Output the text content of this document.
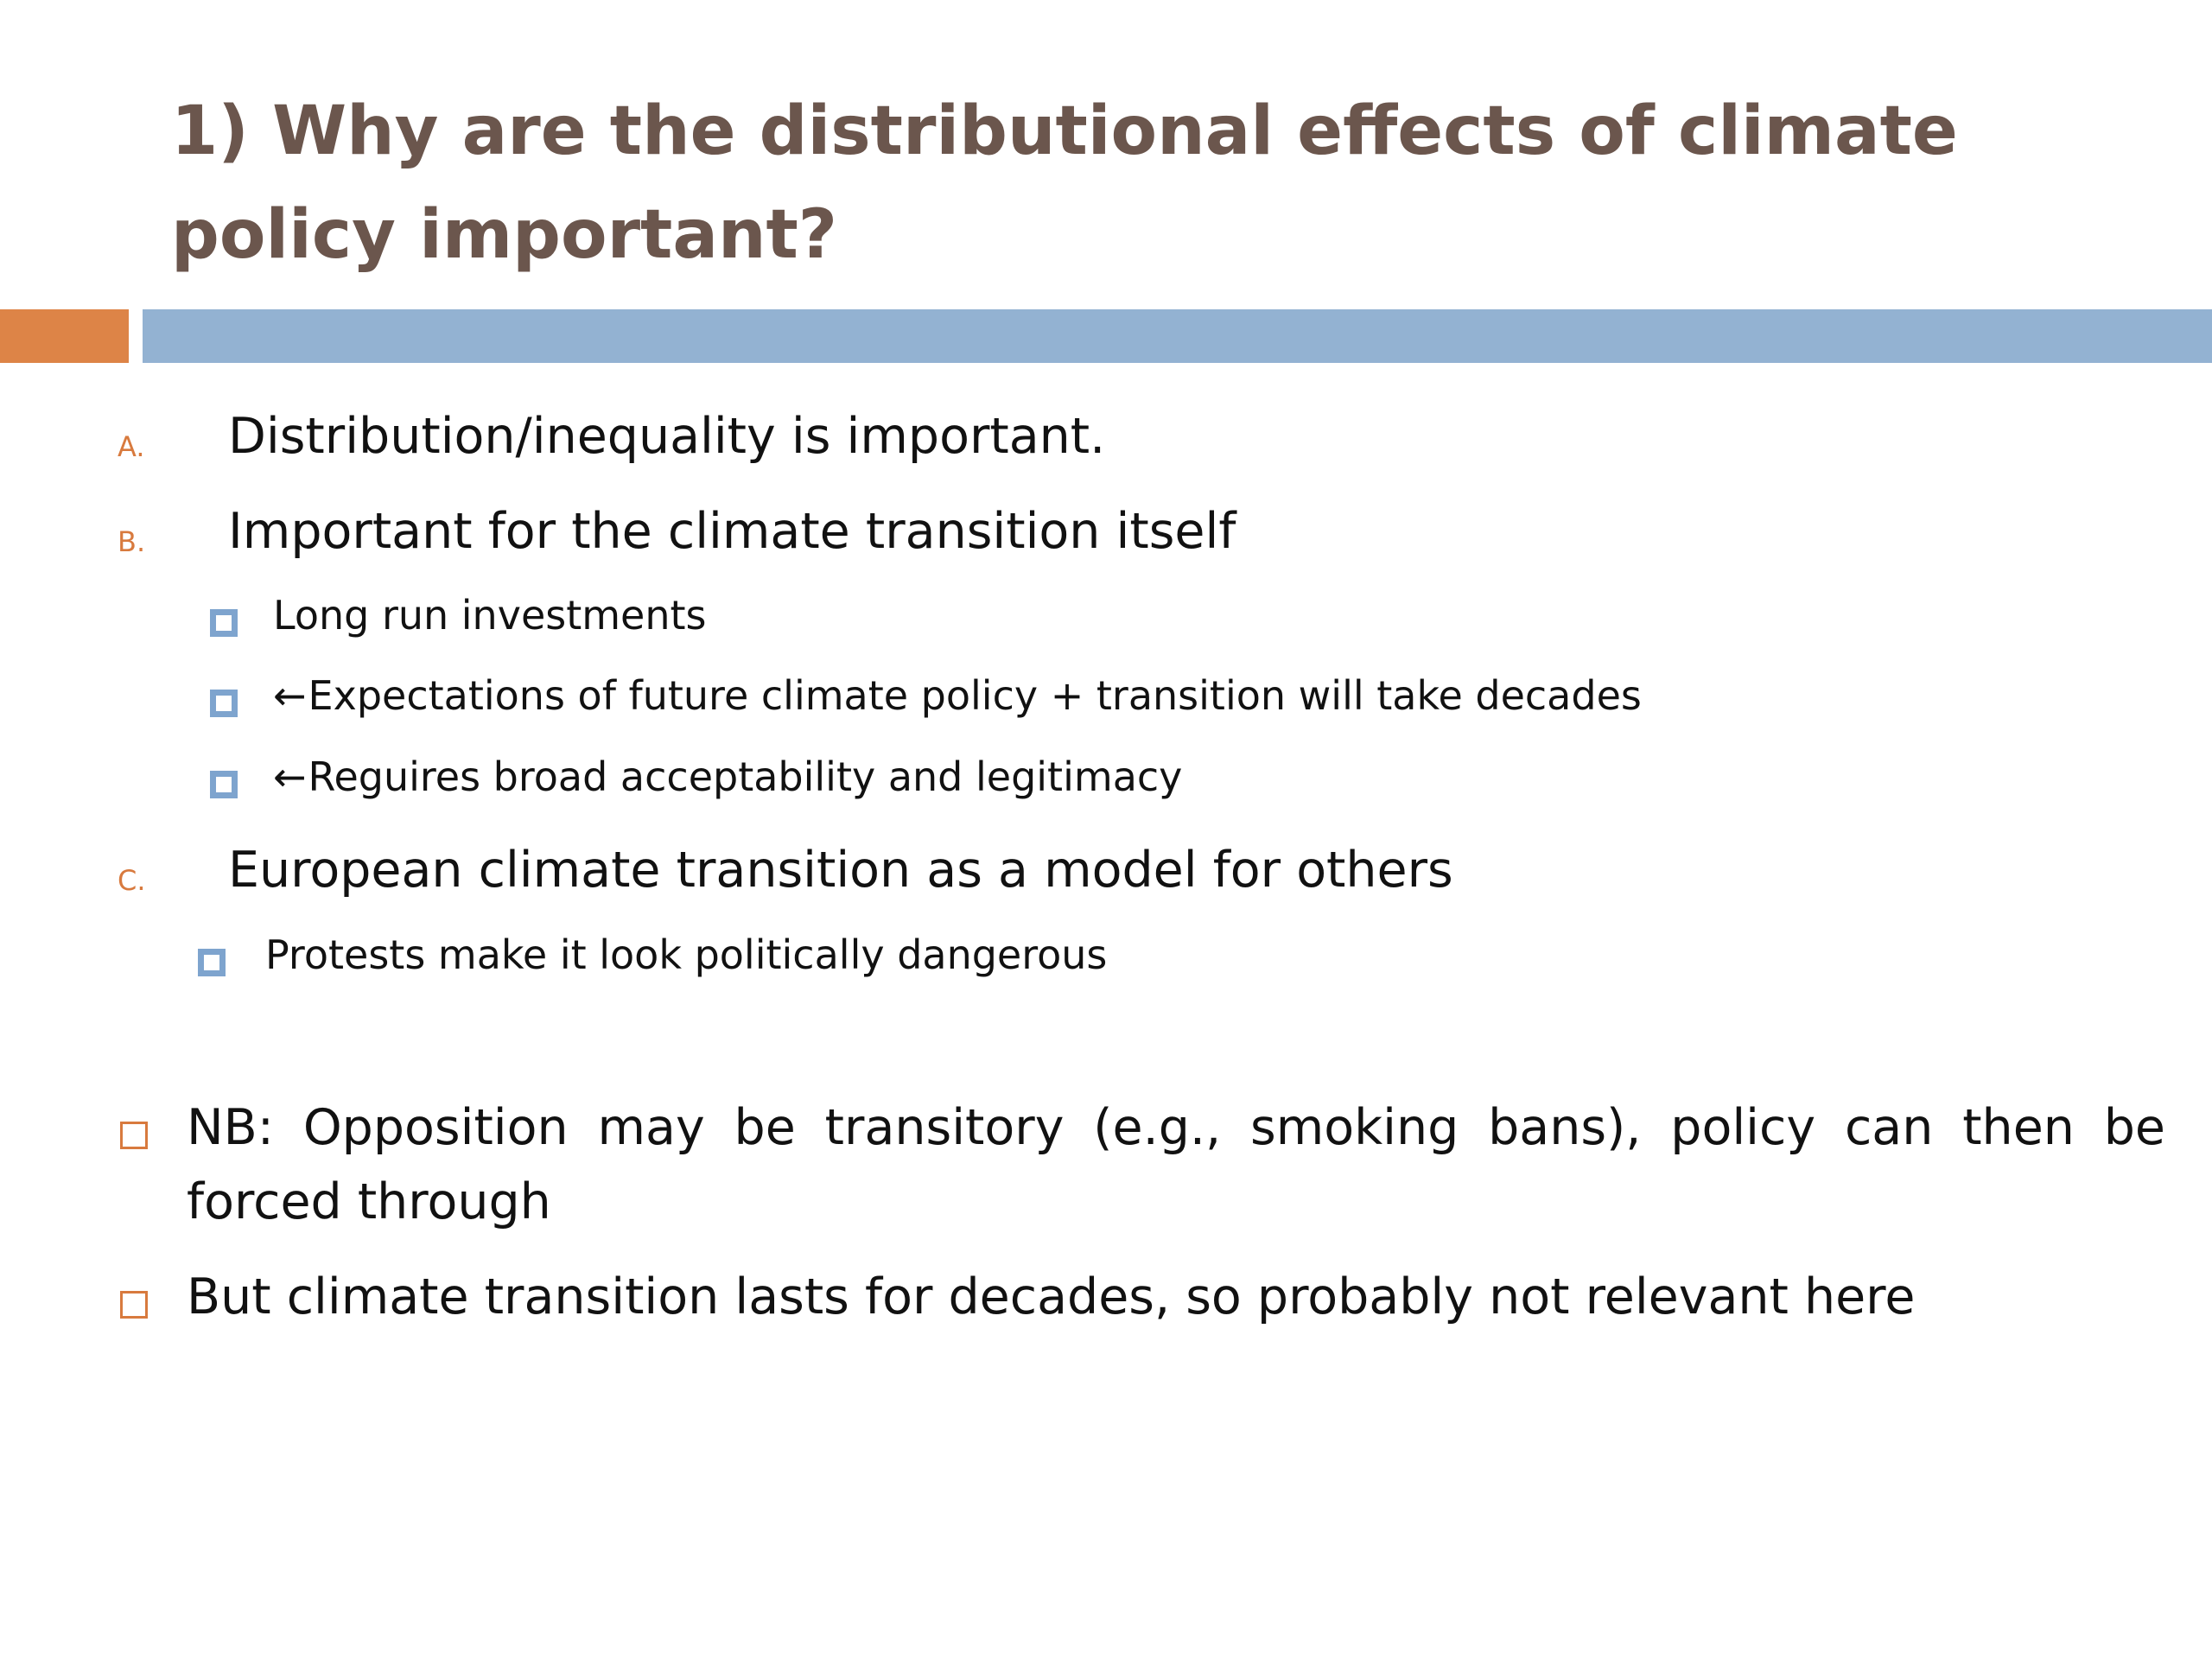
1) Why are the distributional effects of climate policy important?
A. Distribution/inequality is important.
B. Important for the climate transition itself
Long run investments
←Expectations of future climate policy + transition will take decades
←Reguires broad acceptability and legitimacy
C. European climate transition as a model for others
Protests make it look politically dangerous
NB: Opposition may be transitory (e.g., smoking bans), policy can then be forced through
But climate transition lasts for decades, so probably not relevant here
